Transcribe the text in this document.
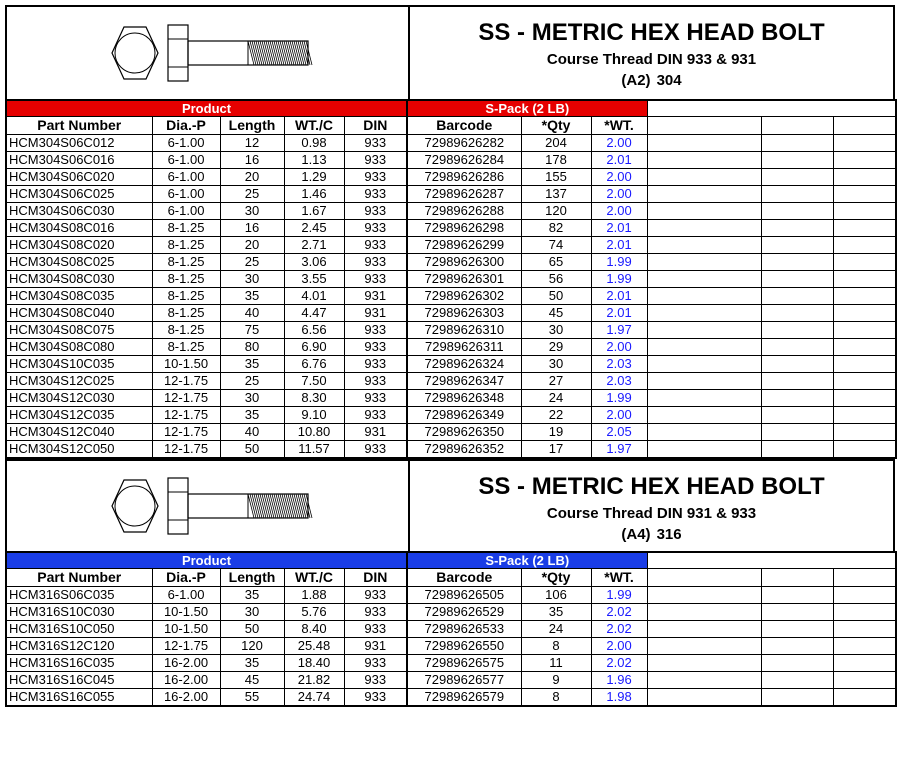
SS - METRIC HEX HEAD BOLT
Course Thread DIN 933 & 931
(A2) 304
Product					S-Pack (2 LB)					
Part Number	Dia.-P	Length	WT./C	DIN	Barcode	*Qty	*WT.			
HCM304S06C012	6-1.00	12	0.98	933	72989626282	204	2.00			
HCM304S06C016	6-1.00	16	1.13	933	72989626284	178	2.01			
HCM304S06C020	6-1.00	20	1.29	933	72989626286	155	2.00			
HCM304S06C025	6-1.00	25	1.46	933	72989626287	137	2.00			
HCM304S06C030	6-1.00	30	1.67	933	72989626288	120	2.00			
HCM304S08C016	8-1.25	16	2.45	933	72989626298	82	2.01			
HCM304S08C020	8-1.25	20	2.71	933	72989626299	74	2.01			
HCM304S08C025	8-1.25	25	3.06	933	72989626300	65	1.99			
HCM304S08C030	8-1.25	30	3.55	933	72989626301	56	1.99			
HCM304S08C035	8-1.25	35	4.01	931	72989626302	50	2.01			
HCM304S08C040	8-1.25	40	4.47	931	72989626303	45	2.01			
HCM304S08C075	8-1.25	75	6.56	933	72989626310	30	1.97			
HCM304S08C080	8-1.25	80	6.90	933	72989626311	29	2.00			
HCM304S10C035	10-1.50	35	6.76	933	72989626324	30	2.03			
HCM304S12C025	12-1.75	25	7.50	933	72989626347	27	2.03			
HCM304S12C030	12-1.75	30	8.30	933	72989626348	24	1.99			
HCM304S12C035	12-1.75	35	9.10	933	72989626349	22	2.00			
HCM304S12C040	12-1.75	40	10.80	931	72989626350	19	2.05			
HCM304S12C050	12-1.75	50	11.57	933	72989626352	17	1.97			
SS - METRIC HEX HEAD BOLT
Course Thread DIN 931 & 933
(A4) 316
Product					S-Pack (2 LB)					
Part Number	Dia.-P	Length	WT./C	DIN	Barcode	*Qty	*WT.			
HCM316S06C035	6-1.00	35	1.88	933	72989626505	106	1.99			
HCM316S10C030	10-1.50	30	5.76	933	72989626529	35	2.02			
HCM316S10C050	10-1.50	50	8.40	933	72989626533	24	2.02			
HCM316S12C120	12-1.75	120	25.48	931	72989626550	8	2.00			
HCM316S16C035	16-2.00	35	18.40	933	72989626575	11	2.02			
HCM316S16C045	16-2.00	45	21.82	933	72989626577	9	1.96			
HCM316S16C055	16-2.00	55	24.74	933	72989626579	8	1.98			
